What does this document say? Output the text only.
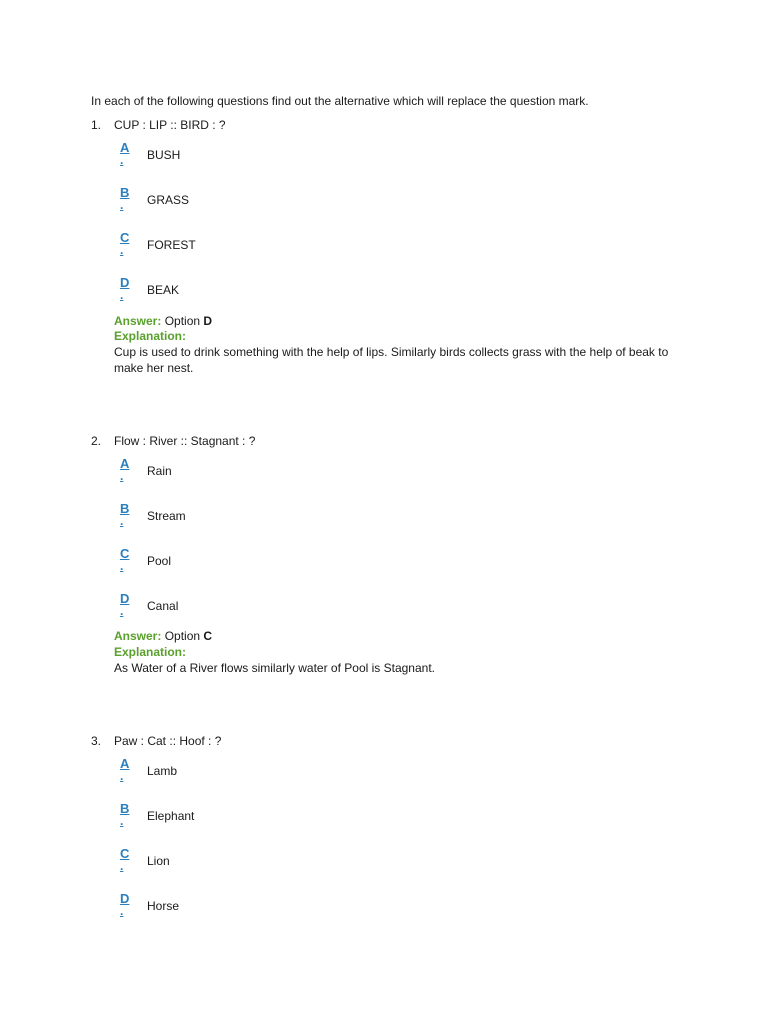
In each of the following questions find out the alternative which will replace the question mark.
1. CUP : LIP :: BIRD : ?
A
. BUSH
B
. GRASS
C
. FOREST
D
. BEAK
Answer: Option D
Explanation:
Cup is used to drink something with the help of lips. Similarly birds collects grass with the help of beak to make her nest.
2. Flow : River :: Stagnant : ?
A
. Rain
B
. Stream
C
. Pool
D
. Canal
Answer: Option C
Explanation:
As Water of a River flows similarly water of Pool is Stagnant.
3. Paw : Cat :: Hoof : ?
A
. Lamb
B
. Elephant
C
. Lion
D
. Horse
